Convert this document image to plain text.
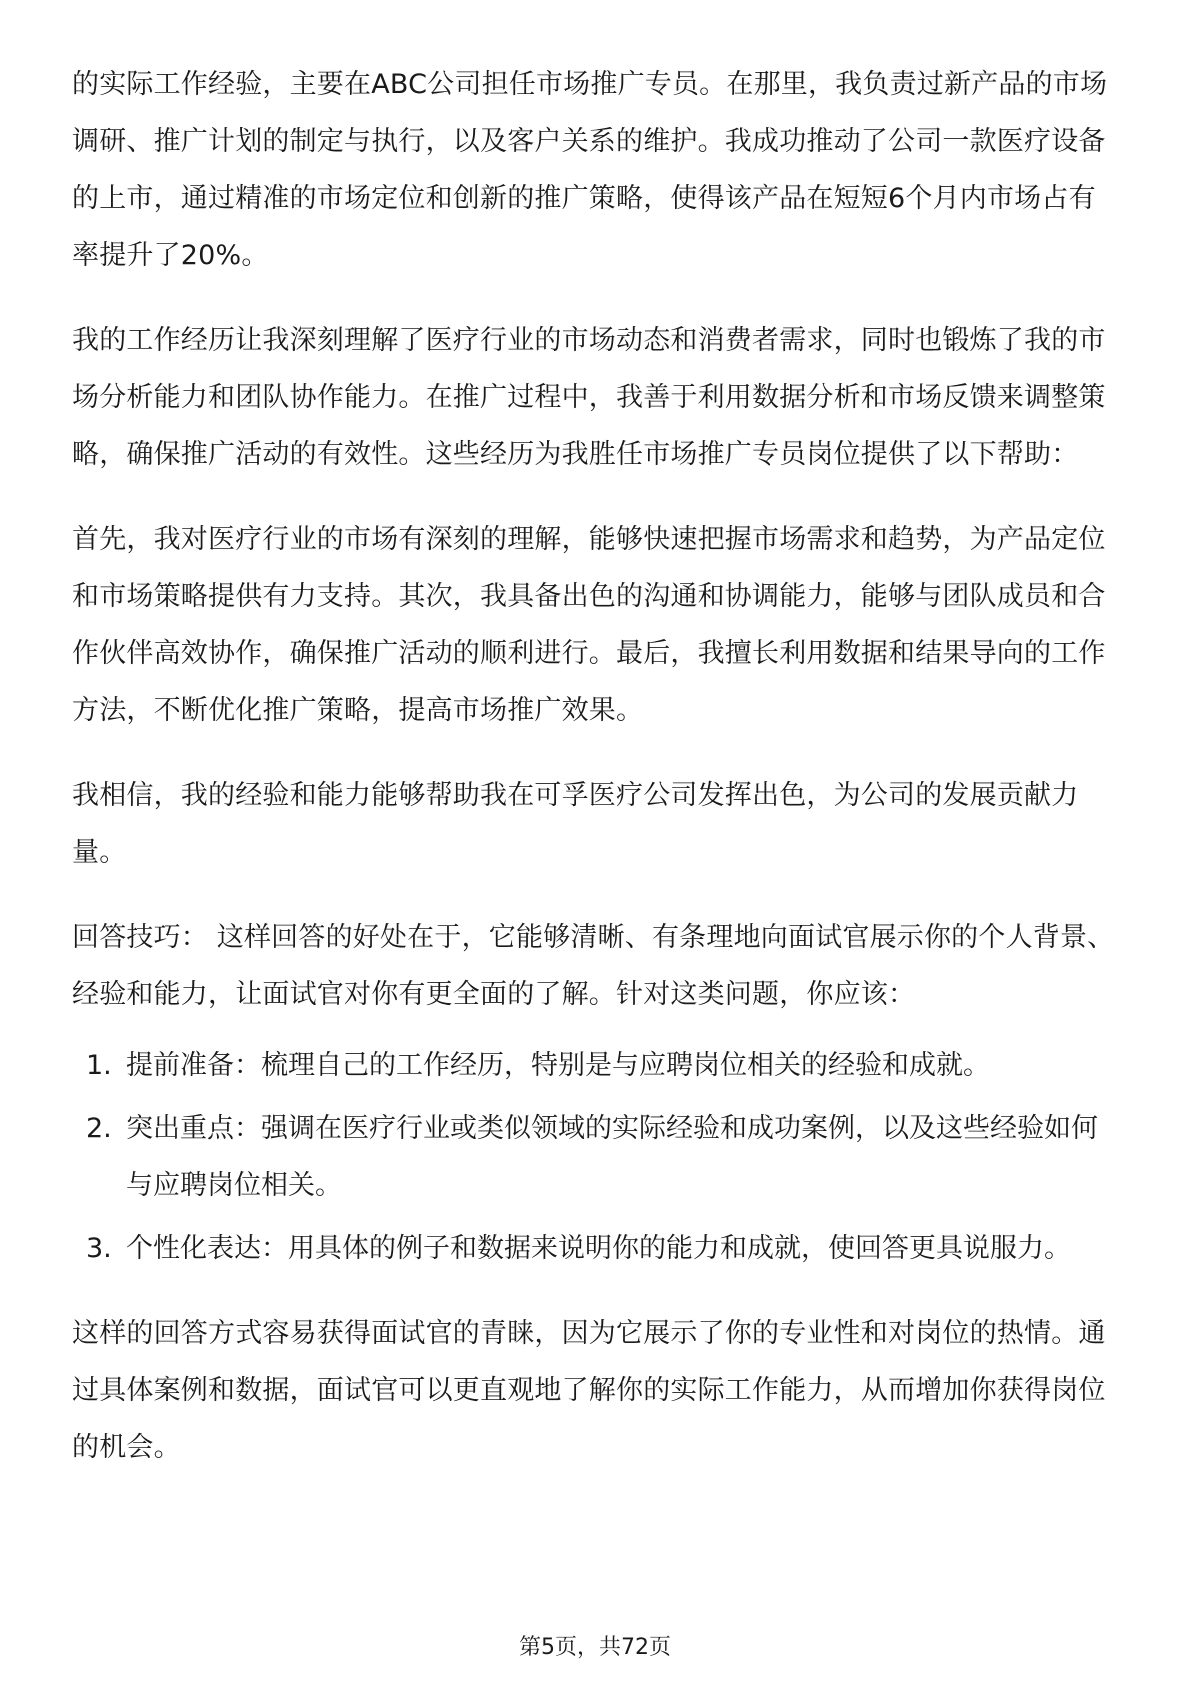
的实际工作经验，主要在ABC公司担任市场推广专员。在那里，我负责过新产品的市场调研、推广计划的制定与执行，以及客户关系的维护。我成功推动了公司一款医疗设备的上市，通过精准的市场定位和创新的推广策略，使得该产品在短短6个月内市场占有率提升了20%。

我的工作经历让我深刻理解了医疗行业的市场动态和消费者需求，同时也锻炼了我的市场分析能力和团队协作能力。在推广过程中，我善于利用数据分析和市场反馈来调整策略，确保推广活动的有效性。这些经历为我胜任市场推广专员岗位提供了以下帮助：

首先，我对医疗行业的市场有深刻的理解，能够快速把握市场需求和趋势，为产品定位和市场策略提供有力支持。其次，我具备出色的沟通和协调能力，能够与团队成员和合作伙伴高效协作，确保推广活动的顺利进行。最后，我擅长利用数据和结果导向的工作方法，不断优化推广策略，提高市场推广效果。

我相信，我的经验和能力能够帮助我在可孚医疗公司发挥出色，为公司的发展贡献力量。

回答技巧： 这样回答的好处在于，它能够清晰、有条理地向面试官展示你的个人背景、经验和能力，让面试官对你有更全面的了解。针对这类问题，你应该：

1. 提前准备：梳理自己的工作经历，特别是与应聘岗位相关的经验和成就。
2. 突出重点：强调在医疗行业或类似领域的实际经验和成功案例，以及这些经验如何与应聘岗位相关。
3. 个性化表达：用具体的例子和数据来说明你的能力和成就，使回答更具说服力。

这样的回答方式容易获得面试官的青睐，因为它展示了你的专业性和对岗位的热情。通过具体案例和数据，面试官可以更直观地了解你的实际工作能力，从而增加你获得岗位的机会。

第5页，共72页
